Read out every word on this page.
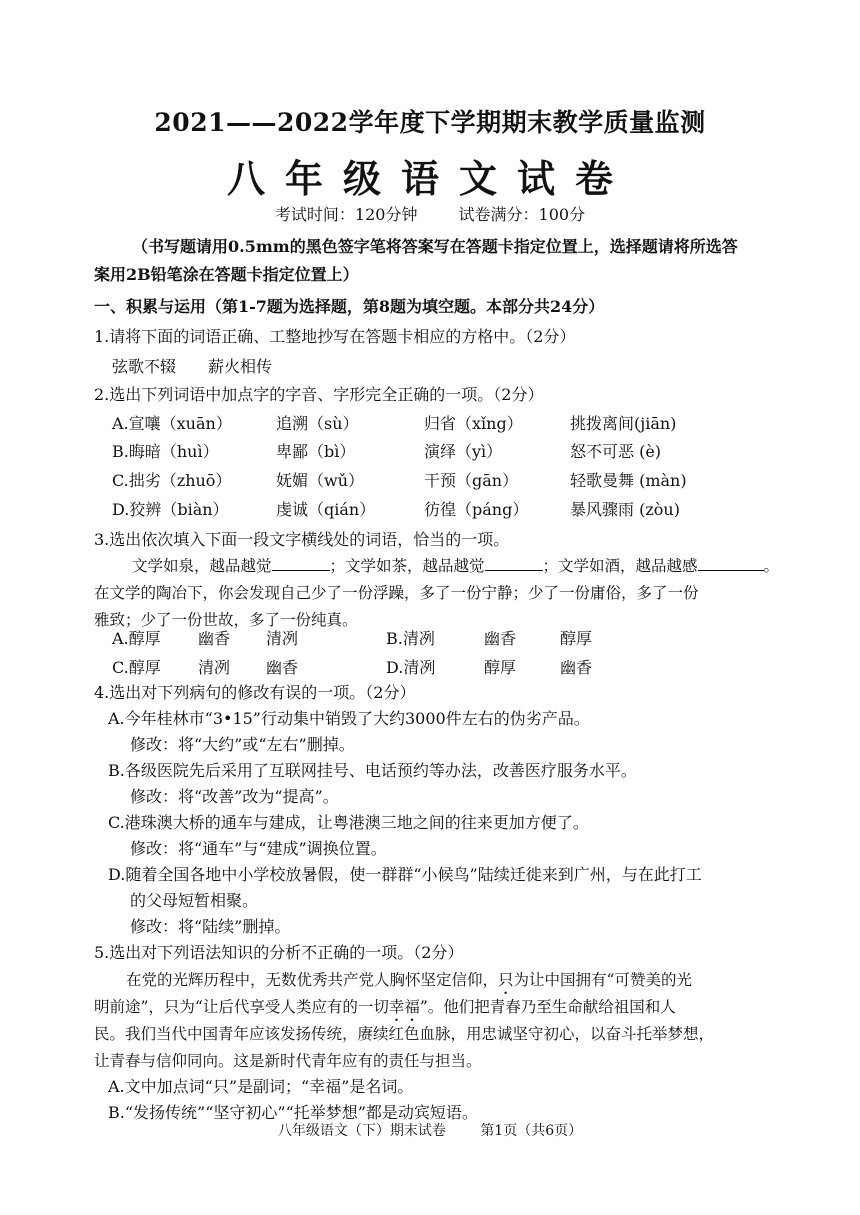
2021——2022学年度下学期期末教学质量监测
八年级语文试卷
考试时间：120分钟	试卷满分：100分
（书写题请用0.5mm的黑色签字笔将答案写在答题卡指定位置上，选择题请将所选答
案用2B铅笔涂在答题卡指定位置上）
一、积累与运用（第1-7题为选择题，第8题为填空题。本部分共24分）
1.请将下面的词语正确、工整地抄写在答题卡相应的方格中。（2分）
弦歌不辍　　薪火相传
2.选出下列词语中加点字的字音、字形完全正确的一项。（2分）
A.宣嚷（xuān）	追溯（sù）	归省（xǐng）	挑拨离间(jiān)
B.晦暗（huì）	卑鄙（bì）	演绎（yì）	怒不可恶 (è)
C.拙劣（zhuō）	妩媚（wǔ）	干预（gān）	轻歌曼舞 (màn)
D.狡辨（biàn）	虔诚（qián）	彷徨（páng）	暴风骤雨 (zòu)
3.选出依次填入下面一段文字横线处的词语，恰当的一项。
文学如泉，越品越觉	；文学如茶，越品越觉	；文学如酒，越品越感	。
在文学的陶冶下，你会发现自己少了一份浮躁，多了一份宁静；少了一份庸俗，多了一份
雅致；少了一份世故，多了一份纯真。
A.醇厚 幽香 清冽	B.清冽	幽香	醇厚
C.醇厚 清冽 幽香	D.清冽	醇厚	幽香
4.选出对下列病句的修改有误的一项。（2分）
A.今年桂林市“3•15”行动集中销毁了大约3000件左右的伪劣产品。
修改：将“大约”或“左右”删掉。
B.各级医院先后采用了互联网挂号、电话预约等办法，改善医疗服务水平。
修改：将“改善”改为“提高”。
C.港珠澳大桥的通车与建成，让粤港澳三地之间的往来更加方便了。
修改：将“通车”与“建成”调换位置。
D.随着全国各地中小学校放暑假，使一群群“小候鸟”陆续迁徙来到广州，与在此打工
的父母短暂相聚。
修改：将“陆续”删掉。
5.选出对下列语法知识的分析不正确的一项。（2分）
在党的光辉历程中，无数优秀共产党人胸怀坚定信仰，只为让中国拥有“可赞美的光
明前途”，只为“让后代享受人类应有的一切幸福”。他们把青春乃至生命献给祖国和人
民。我们当代中国青年应该发扬传统，赓续红色血脉，用忠诚坚守初心，以奋斗托举梦想，
让青春与信仰同向。这是新时代青年应有的责任与担当。
A.文中加点词“只”是副词；“幸福”是名词。
B.“发扬传统”“坚守初心”“托举梦想”都是动宾短语。
八年级语文（下）期末试卷 第1页（共6页）
